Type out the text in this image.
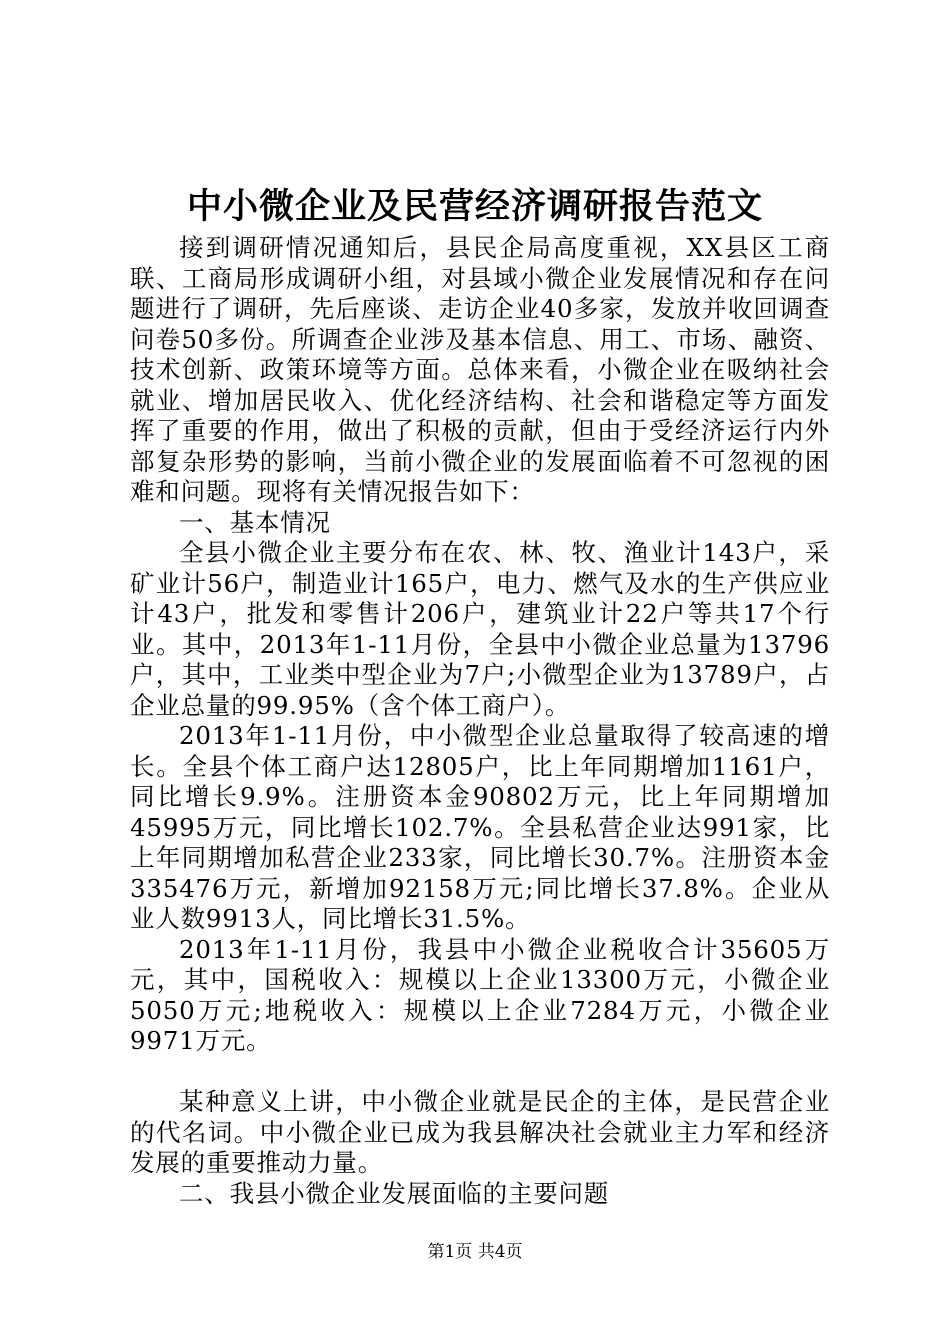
中小微企业及民营经济调研报告范文

接到调研情况通知后，县民企局高度重视，XX县区工商联、工商局形成调研小组，对县域小微企业发展情况和存在问题进行了调研，先后座谈、走访企业40多家，发放并收回调查问卷50多份。所调查企业涉及基本信息、用工、市场、融资、技术创新、政策环境等方面。总体来看，小微企业在吸纳社会就业、增加居民收入、优化经济结构、社会和谐稳定等方面发挥了重要的作用，做出了积极的贡献，但由于受经济运行内外部复杂形势的影响，当前小微企业的发展面临着不可忽视的困难和问题。现将有关情况报告如下：

一、基本情况

全县小微企业主要分布在农、林、牧、渔业计143户，采矿业计56户，制造业计165户，电力、燃气及水的生产供应业计43户，批发和零售计206户，建筑业计22户等共17个行业。其中，2013年1-11月份，全县中小微企业总量为13796户，其中，工业类中型企业为7户;小微型企业为13789户，占企业总量的99.95%（含个体工商户）。

2013年1-11月份，中小微型企业总量取得了较高速的增长。全县个体工商户达12805户，比上年同期增加1161户，同比增长9.9%。注册资本金90802万元，比上年同期增加45995万元，同比增长102.7%。全县私营企业达991家，比上年同期增加私营企业233家，同比增长30.7%。注册资本金335476万元，新增加92158万元;同比增长37.8%。企业从业人数9913人，同比增长31.5%。

2013年1-11月份，我县中小微企业税收合计35605万元，其中，国税收入：规模以上企业13300万元，小微企业5050万元;地税收入：规模以上企业7284万元，小微企业9971万元。

某种意义上讲，中小微企业就是民企的主体，是民营企业的代名词。中小微企业已成为我县解决社会就业主力军和经济发展的重要推动力量。

二、我县小微企业发展面临的主要问题

第1页 共4页
